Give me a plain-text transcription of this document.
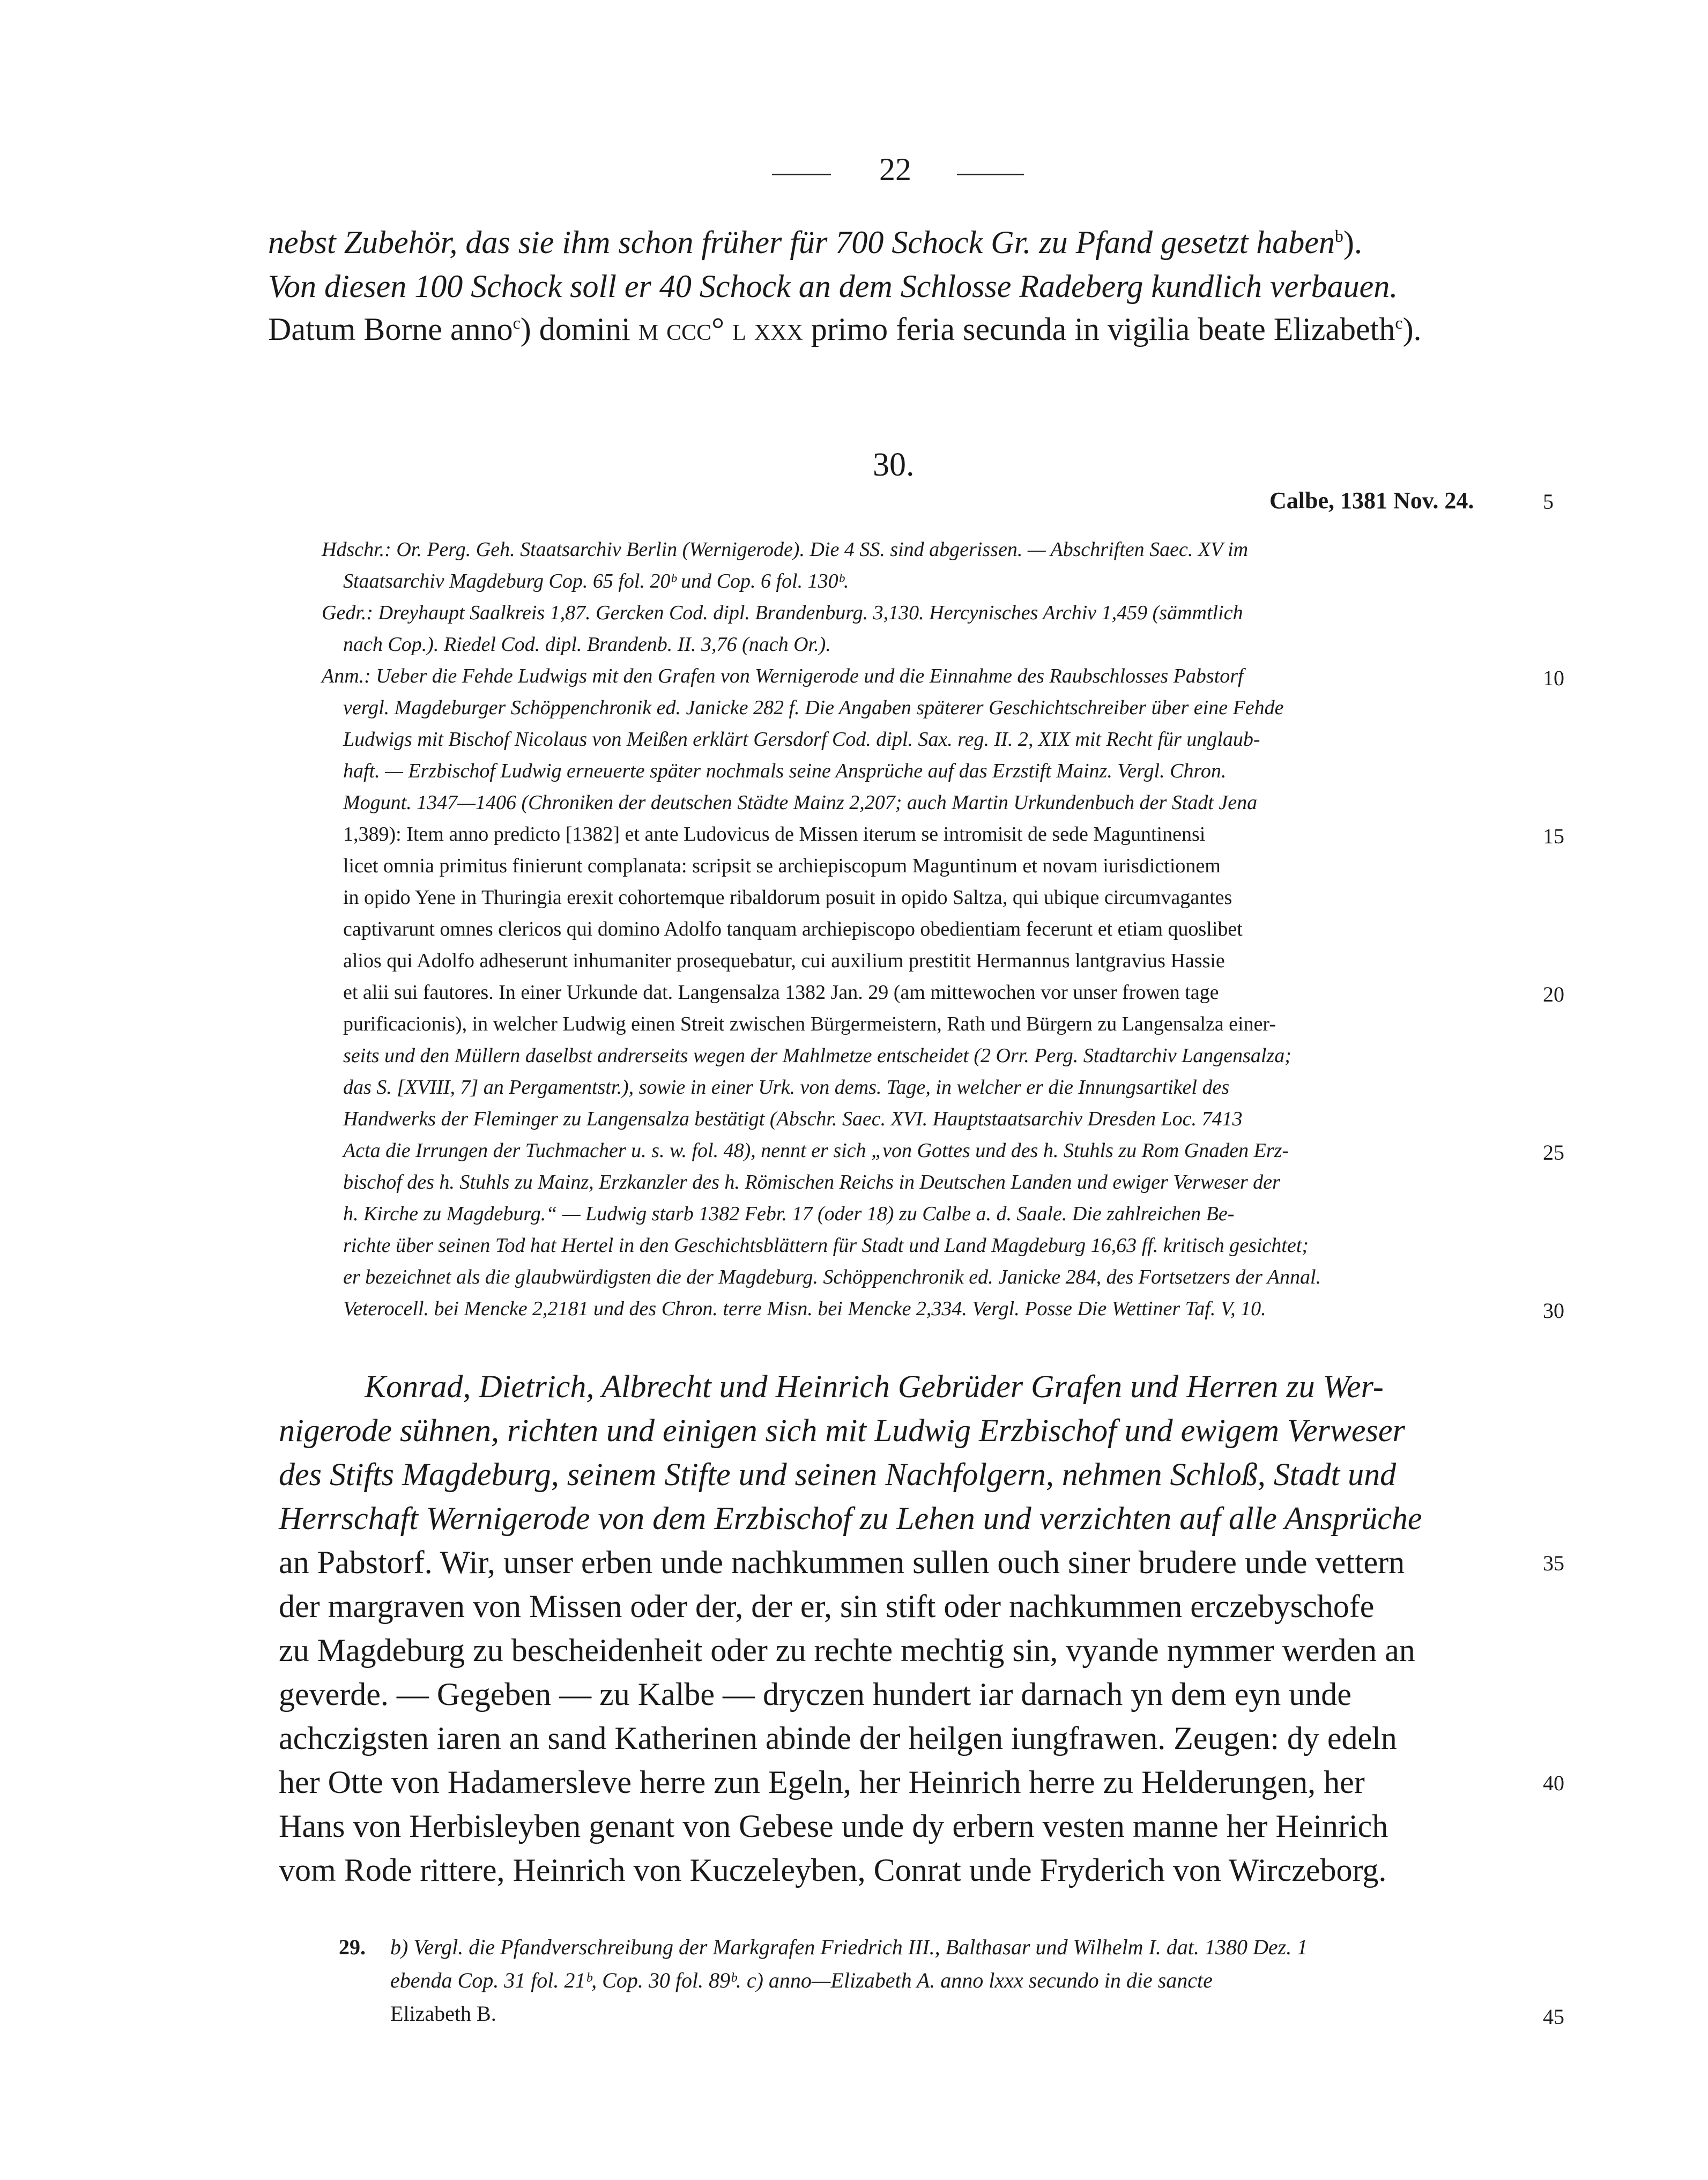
22
nebst Zubehör, das sie ihm schon früher für 700 Schock Gr. zu Pfand gesetzt haben$^b$).
Von diesen 100 Schock soll er 40 Schock an dem Schlosse Radeberg kundlich verbauen.
Datum Borne anno$^c$) domini m ccc° l xxx primo feria secunda in vigilia beate Elizabeth$^c$).
30.
Calbe, 1381 Nov. 24.
Hdschr.: Or. Perg. Geh. Staatsarchiv Berlin (Wernigerode). Die 4 SS. sind abgerissen. — Abschriften Saec. XV im
Staatsarchiv Magdeburg Cop. 65 fol. 20ᵇ und Cop. 6 fol. 130ᵇ.
Gedr.: Dreyhaupt Saalkreis 1,87. Gercken Cod. dipl. Brandenburg. 3,130. Hercynisches Archiv 1,459 (sämmtlich
nach Cop.). Riedel Cod. dipl. Brandenb. II. 3,76 (nach Or.).
Anm.: Ueber die Fehde Ludwigs mit den Grafen von Wernigerode und die Einnahme des Raubschlosses Pabstorf
vergl. Magdeburger Schöppenchronik ed. Janicke 282 f. Die Angaben späterer Geschichtschreiber über eine Fehde
Ludwigs mit Bischof Nicolaus von Meißen erklärt Gersdorf Cod. dipl. Sax. reg. II. 2, XIX mit Recht für unglaub-
haft. — Erzbischof Ludwig erneuerte später nochmals seine Ansprüche auf das Erzstift Mainz. Vergl. Chron.
Mogunt. 1347—1406 (Chroniken der deutschen Städte Mainz 2,207; auch Martin Urkundenbuch der Stadt Jena
1,389): Item anno predicto [1382] et ante Ludovicus de Missen iterum se intromisit de sede Maguntinensi
licet omnia primitus finierunt complanata: scripsit se archiepiscopum Maguntinum et novam iurisdictionem
in opido Yene in Thuringia erexit cohortemque ribaldorum posuit in opido Saltza, qui ubique circumvagantes
captivarunt omnes clericos qui domino Adolfo tanquam archiepiscopo obedientiam fecerunt et etiam quoslibet
alios qui Adolfo adheserunt inhumaniter prosequebatur, cui auxilium prestitit Hermannus lantgravius Hassie
et alii sui fautores. In einer Urkunde dat. Langensalza 1382 Jan. 29 (am mittewochen vor unser frowen tage
purificacionis), in welcher Ludwig einen Streit zwischen Bürgermeistern, Rath und Bürgern zu Langensalza einer-
seits und den Müllern daselbst andrerseits wegen der Mahlmetze entscheidet (2 Orr. Perg. Stadtarchiv Langensalza;
das S. [XVIII, 7] an Pergamentstr.), sowie in einer Urk. von dems. Tage, in welcher er die Innungsartikel des
Handwerks der Fleminger zu Langensalza bestätigt (Abschr. Saec. XVI. Hauptstaatsarchiv Dresden Loc. 7413
Acta die Irrungen der Tuchmacher u. s. w. fol. 48), nennt er sich „von Gottes und des h. Stuhls zu Rom Gnaden Erz-
bischof des h. Stuhls zu Mainz, Erzkanzler des h. Römischen Reichs in Deutschen Landen und ewiger Verweser der
h. Kirche zu Magdeburg.“ — Ludwig starb 1382 Febr. 17 (oder 18) zu Calbe a. d. Saale. Die zahlreichen Be-
richte über seinen Tod hat Hertel in den Geschichtsblättern für Stadt und Land Magdeburg 16,63 ff. kritisch gesichtet;
er bezeichnet als die glaubwürdigsten die der Magdeburg. Schöppenchronik ed. Janicke 284, des Fortsetzers der Annal.
Veterocell. bei Mencke 2,2181 und des Chron. terre Misn. bei Mencke 2,334. Vergl. Posse Die Wettiner Taf. V, 10.
Konrad, Dietrich, Albrecht und Heinrich Gebrüder Grafen und Herren zu Wer-
nigerode sühnen, richten und einigen sich mit Ludwig Erzbischof und ewigem Verweser
des Stifts Magdeburg, seinem Stifte und seinen Nachfolgern, nehmen Schloß, Stadt und
Herrschaft Wernigerode von dem Erzbischof zu Lehen und verzichten auf alle Ansprüche
an Pabstorf. Wir, unser erben unde nachkummen sullen ouch siner brudere unde vettern
der margraven von Missen oder der, der er, sin stift oder nachkummen erczebyschofe
zu Magdeburg zu bescheidenheit oder zu rechte mechtig sin, vyande nymmer werden an
geverde. — Gegeben — zu Kalbe — dryczen hundert iar darnach yn dem eyn unde
achczigsten iaren an sand Katherinen abinde der heilgen iungfrawen. Zeugen: dy edeln
her Otte von Hadamersleve herre zun Egeln, her Heinrich herre zu Helderungen, her
Hans von Herbisleyben genant von Gebese unde dy erbern vesten manne her Heinrich
vom Rode rittere, Heinrich von Kuczeleyben, Conrat unde Fryderich von Wirczeborg.
29. b) Vergl. die Pfandverschreibung der Markgrafen Friedrich III., Balthasar und Wilhelm I. dat. 1380 Dez. 1
ebenda Cop. 31 fol. 21ᵇ, Cop. 30 fol. 89ᵇ. c) anno—Elizabeth A. anno lxxx secundo in die sancte
Elizabeth B.
5
10
15
20
25
30
35
40
45
